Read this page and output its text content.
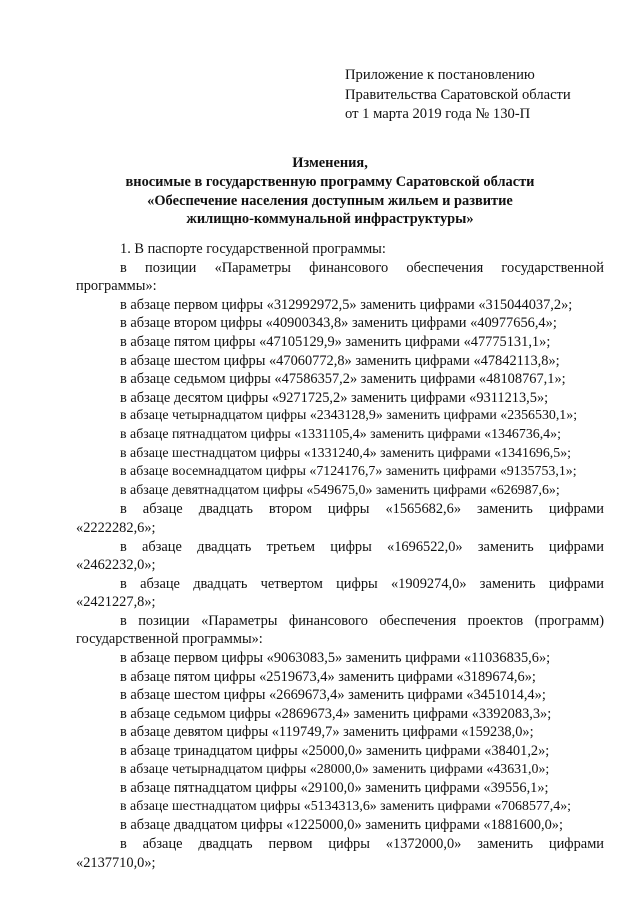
Приложение к постановлению
Правительства Саратовской области
от 1 марта 2019 года № 130-П
Изменения,
вносимые в государственную программу Саратовской области
«Обеспечение населения доступным жильем и развитие
жилищно-коммунальной инфраструктуры»
1. В паспорте государственной программы:
в позиции «Параметры финансового обеспечения государственной
программы»:
в абзаце первом цифры «312992972,5» заменить цифрами «315044037,2»;
в абзаце втором цифры «40900343,8» заменить цифрами «40977656,4»;
в абзаце пятом цифры «47105129,9» заменить цифрами «47775131,1»;
в абзаце шестом цифры «47060772,8» заменить цифрами «47842113,8»;
в абзаце седьмом цифры «47586357,2» заменить цифрами «48108767,1»;
в абзаце десятом цифры «9271725,2» заменить цифрами «9311213,5»;
в абзаце четырнадцатом цифры «2343128,9» заменить цифрами «2356530,1»;
в абзаце пятнадцатом цифры «1331105,4» заменить цифрами «1346736,4»;
в абзаце шестнадцатом цифры «1331240,4» заменить цифрами «1341696,5»;
в абзаце восемнадцатом цифры «7124176,7» заменить цифрами «9135753,1»;
в абзаце девятнадцатом цифры «549675,0» заменить цифрами «626987,6»;
в абзаце двадцать втором цифры «1565682,6» заменить цифрами
«2222282,6»;
в абзаце двадцать третьем цифры «1696522,0» заменить цифрами
«2462232,0»;
в абзаце двадцать четвертом цифры «1909274,0» заменить цифрами
«2421227,8»;
в позиции «Параметры финансового обеспечения проектов (программ)
государственной программы»:
в абзаце первом цифры «9063083,5» заменить цифрами «11036835,6»;
в абзаце пятом цифры «2519673,4» заменить цифрами «3189674,6»;
в абзаце шестом цифры «2669673,4» заменить цифрами «3451014,4»;
в абзаце седьмом цифры «2869673,4» заменить цифрами «3392083,3»;
в абзаце девятом цифры «119749,7» заменить цифрами «159238,0»;
в абзаце тринадцатом цифры «25000,0» заменить цифрами «38401,2»;
в абзаце четырнадцатом цифры «28000,0» заменить цифрами «43631,0»;
в абзаце пятнадцатом цифры «29100,0» заменить цифрами «39556,1»;
в абзаце шестнадцатом цифры «5134313,6» заменить цифрами «7068577,4»;
в абзаце двадцатом цифры «1225000,0» заменить цифрами «1881600,0»;
в абзаце двадцать первом цифры «1372000,0» заменить цифрами
«2137710,0»;
